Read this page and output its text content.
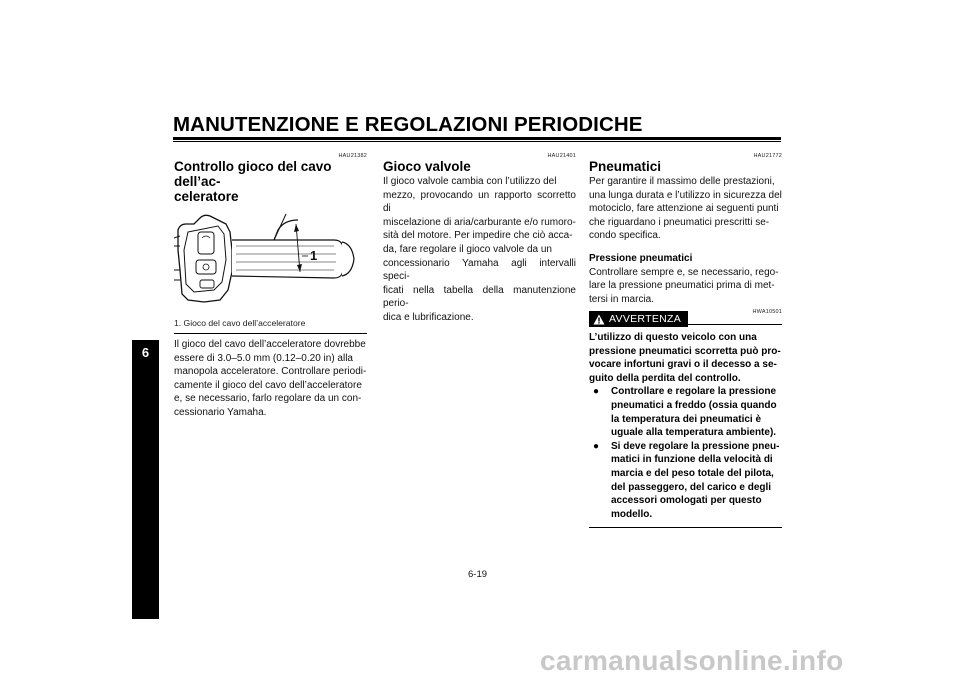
MANUTENZIONE E REGOLAZIONI PERIODICHE
6
HAU21382
Controllo gioco del cavo dell’ac-
celeratore
1
1. Gioco del cavo dell’acceleratore
Il gioco del cavo dell’acceleratore dovrebbe
essere di 3.0–5.0 mm (0.12–0.20 in) alla
manopola acceleratore. Controllare periodi-
camente il gioco del cavo dell’acceleratore
e, se necessario, farlo regolare da un con-
cessionario Yamaha.
HAU21401
Gioco valvole
Il gioco valvole cambia con l’utilizzo del
mezzo, provocando un rapporto scorretto di
miscelazione di aria/carburante e/o rumoro-
sità del motore. Per impedire che ciò acca-
da, fare regolare il gioco valvole da un
concessionario Yamaha agli intervalli speci-
ficati nella tabella della manutenzione perio-
dica e lubrificazione.
HAU21772
Pneumatici
Per garantire il massimo delle prestazioni,
una lunga durata e l’utilizzo in sicurezza del
motociclo, fare attenzione ai seguenti punti
che riguardano i pneumatici prescritti se-
condo specifica.
Pressione pneumatici
Controllare sempre e, se necessario, rego-
lare la pressione pneumatici prima di met-
tersi in marcia.
HWA10501
AVVERTENZA
L’utilizzo di questo veicolo con una
pressione pneumatici scorretta può pro-
vocare infortuni gravi o il decesso a se-
guito della perdita del controllo.
●	Controllare e regolare la pressione
pneumatici a freddo (ossia quando
la temperatura dei pneumatici è
uguale alla temperatura ambiente).
●	Si deve regolare la pressione pneu-
matici in funzione della velocità di
marcia e del peso totale del pilota,
del passeggero, del carico e degli
accessori omologati per questo
modello.
6-19
carmanualsonline.info
